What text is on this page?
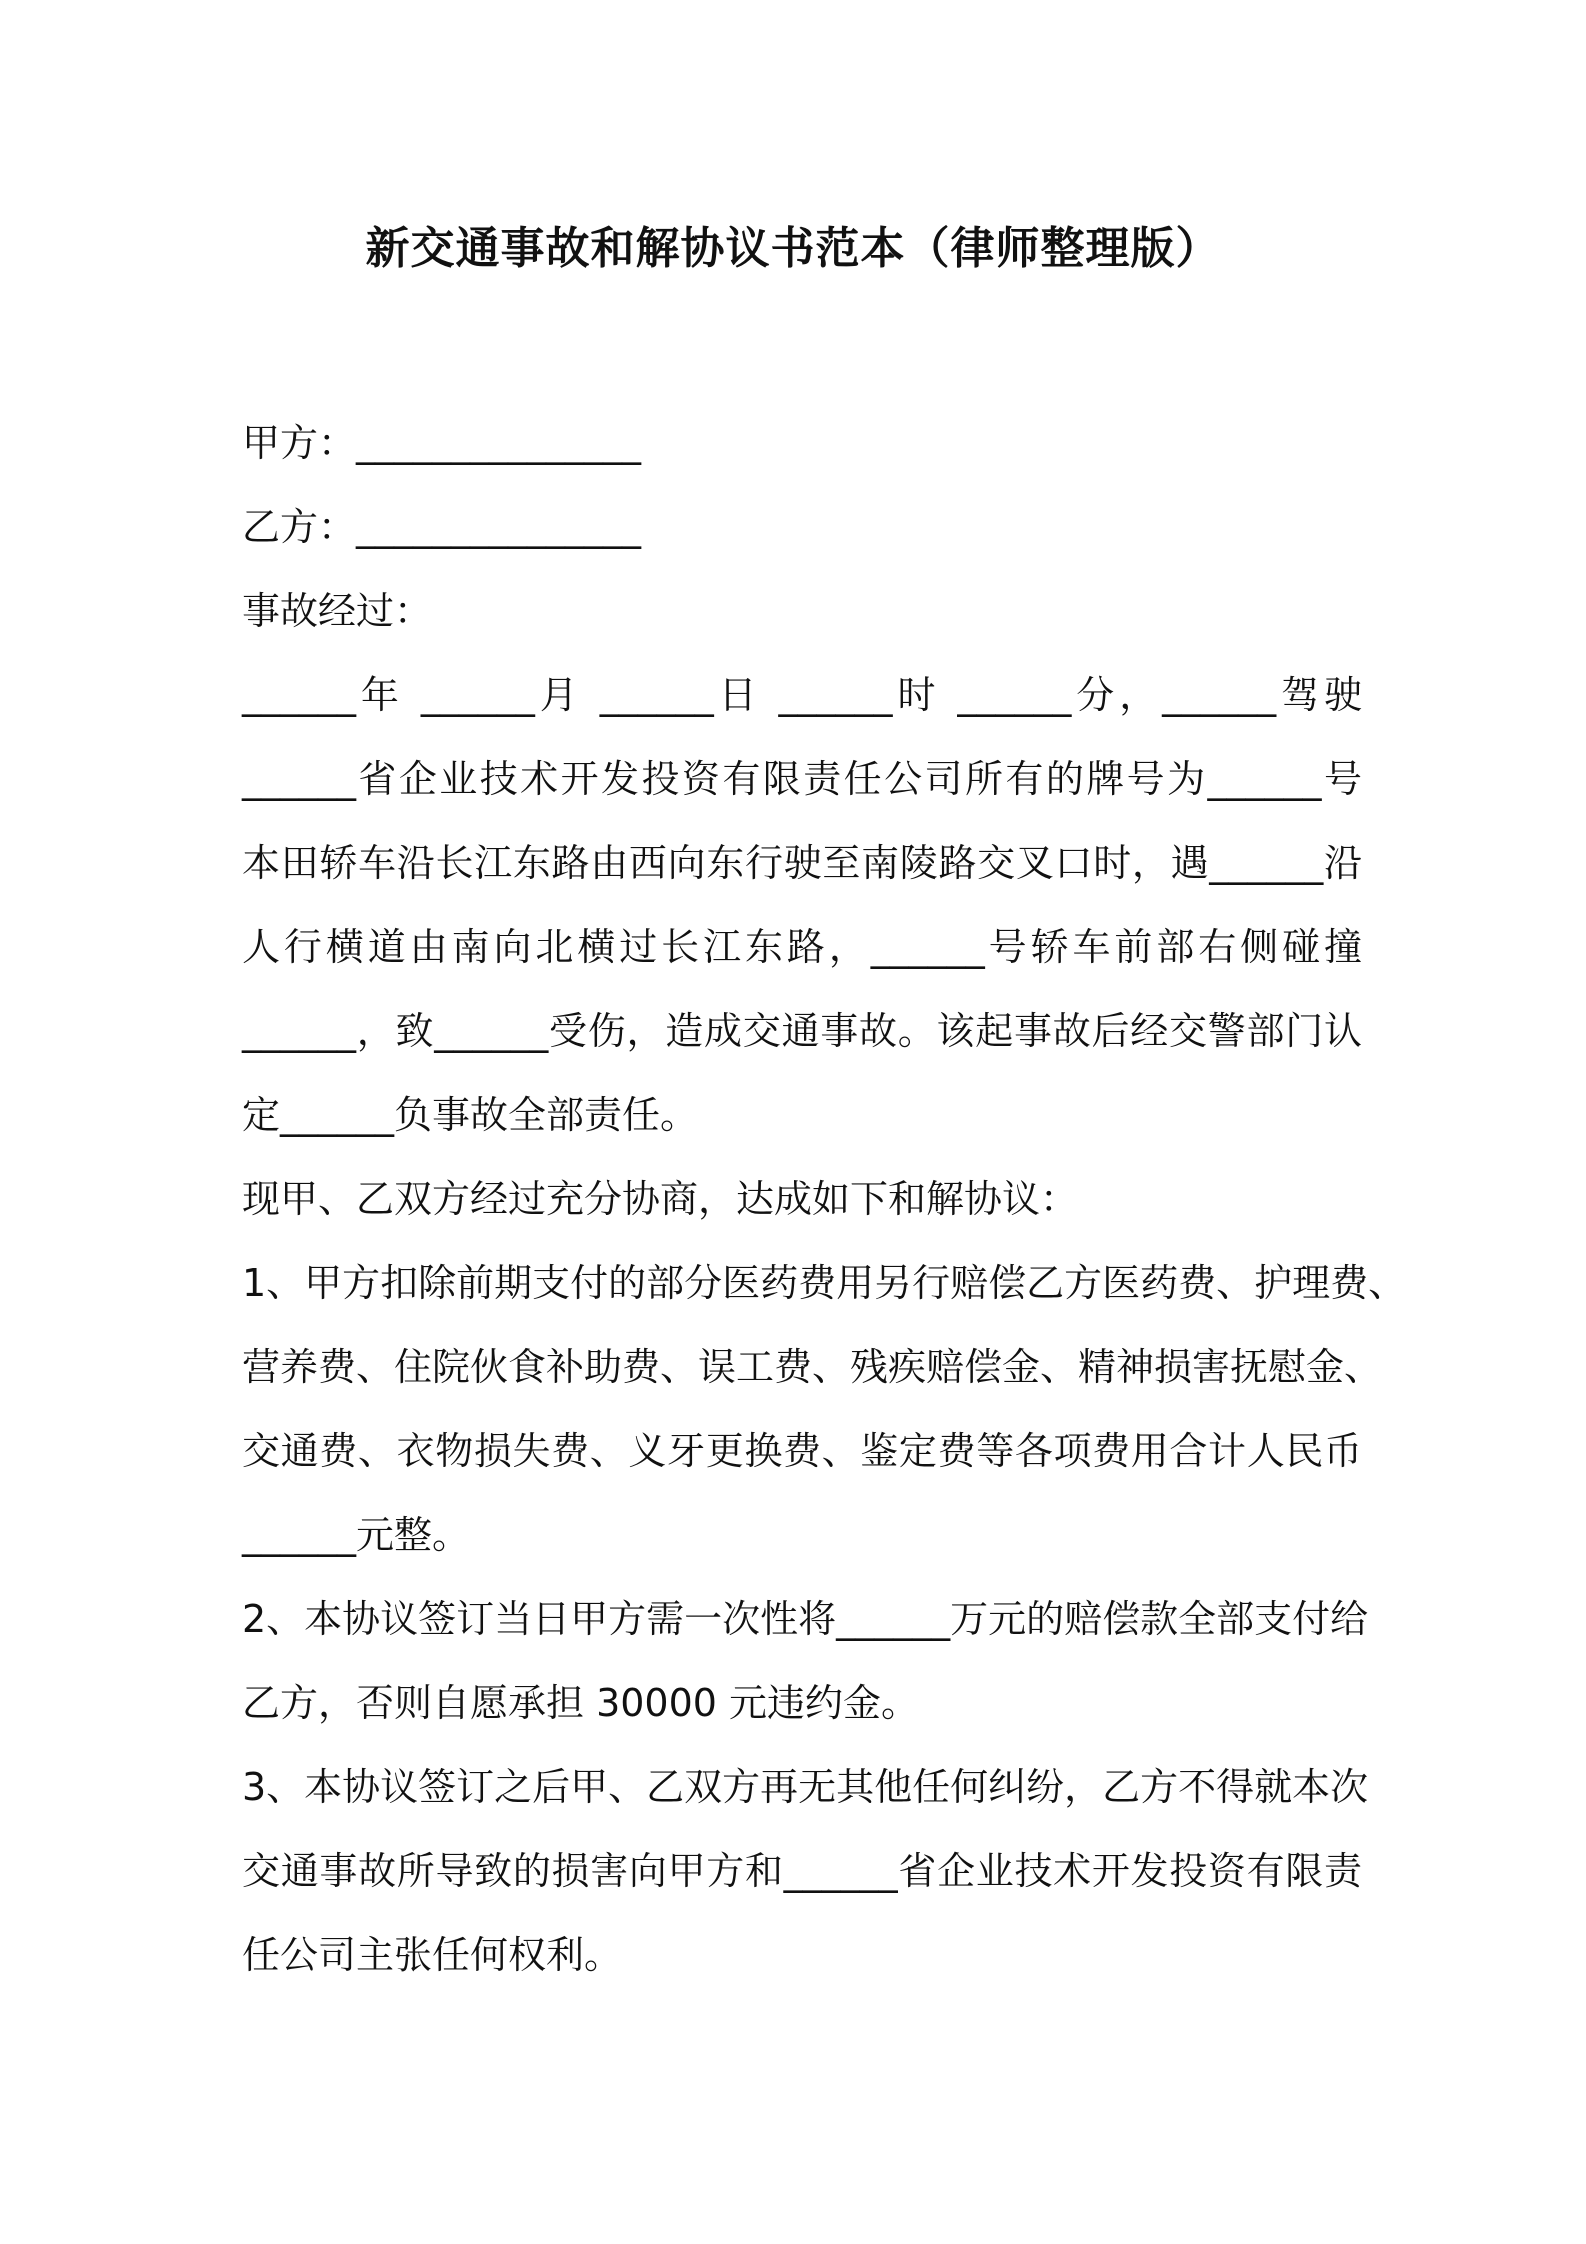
新交通事故和解协议书范本（律师整理版）

甲方：_______________

乙方：_______________

事故经过：

______年 ______月 ______日 ______时 ______分，______驾驶

______省企业技术开发投资有限责任公司所有的牌号为______号

本田轿车沿长江东路由西向东行驶至南陵路交叉口时，遇______沿

人行横道由南向北横过长江东路，______号轿车前部右侧碰撞

______，致______受伤，造成交通事故。该起事故后经交警部门认

定______负事故全部责任。

现甲、乙双方经过充分协商，达成如下和解协议：

1、甲方扣除前期支付的部分医药费用另行赔偿乙方医药费、护理费、

营养费、住院伙食补助费、误工费、残疾赔偿金、精神损害抚慰金、

交通费、衣物损失费、义牙更换费、鉴定费等各项费用合计人民币

______元整。

2、本协议签订当日甲方需一次性将______万元的赔偿款全部支付给

乙方，否则自愿承担 30000 元违约金。

3、本协议签订之后甲、乙双方再无其他任何纠纷，乙方不得就本次

交通事故所导致的损害向甲方和______省企业技术开发投资有限责

任公司主张任何权利。
